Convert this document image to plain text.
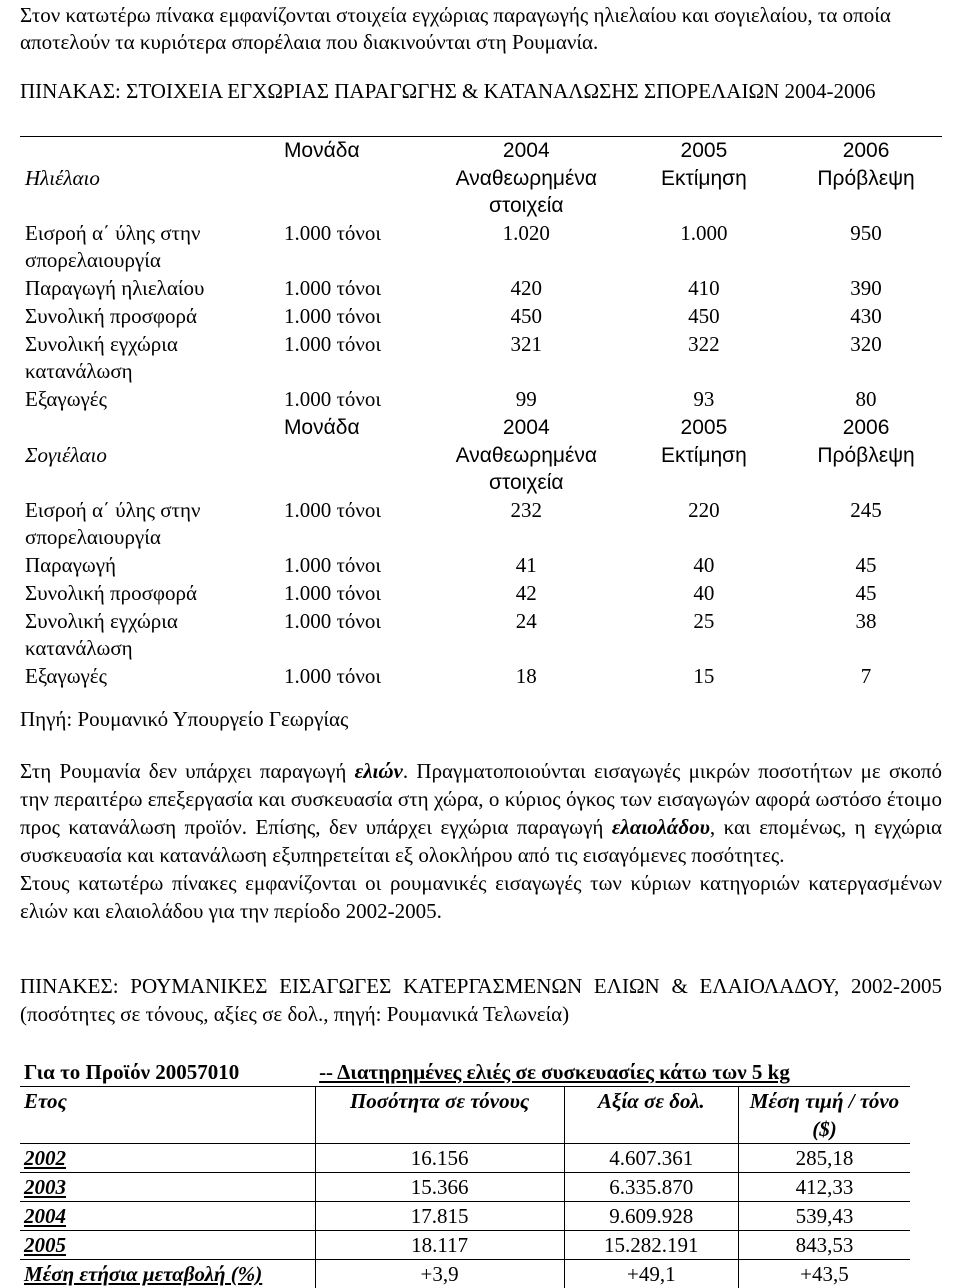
Στον κατωτέρω πίνακα εμφανίζονται στοιχεία εγχώριας παραγωγής ηλιελαίου και σογιελαίου, τα οποία αποτελούν τα κυριότερα σπορέλαια που διακινούνται στη Ρουμανία.

ΠΙΝΑΚΑΣ: ΣΤΟΙΧΕΙΑ ΕΓΧΩΡΙΑΣ ΠΑΡΑΓΩΓΗΣ & ΚΑΤΑΝΑΛΩΣΗΣ ΣΠΟΡΕΛΑΙΩΝ 2004-2006

	Μονάδα	2004	2005	2006
Ηλιέλαιο		Αναθεωρημένα στοιχεία	Εκτίμηση	Πρόβλεψη
Εισροή α΄ ύλης στην σπορελαιουργία	1.000 τόνοι	1.020	1.000	950
Παραγωγή ηλιελαίου	1.000 τόνοι	420	410	390
Συνολική προσφορά	1.000 τόνοι	450	450	430
Συνολική εγχώρια κατανάλωση	1.000 τόνοι	321	322	320
Εξαγωγές	1.000 τόνοι	99	93	80
	Μονάδα	2004	2005	2006
Σογιέλαιο		Αναθεωρημένα στοιχεία	Εκτίμηση	Πρόβλεψη
Εισροή α΄ ύλης στην σπορελαιουργία	1.000 τόνοι	232	220	245
Παραγωγή	1.000 τόνοι	41	40	45
Συνολική προσφορά	1.000 τόνοι	42	40	45
Συνολική εγχώρια κατανάλωση	1.000 τόνοι	24	25	38
Εξαγωγές	1.000 τόνοι	18	15	7

Πηγή: Ρουμανικό Υπουργείο Γεωργίας

Στη Ρουμανία δεν υπάρχει παραγωγή ελιών. Πραγματοποιούνται εισαγωγές μικρών ποσοτήτων με σκοπό την περαιτέρω επεξεργασία και συσκευασία στη χώρα, ο κύριος όγκος των εισαγωγών αφορά ωστόσο έτοιμο προς κατανάλωση προϊόν. Επίσης, δεν υπάρχει εγχώρια παραγωγή ελαιολάδου, και επομένως, η εγχώρια συσκευασία και κατανάλωση εξυπηρετείται εξ ολοκλήρου από τις εισαγόμενες ποσότητες.

Στους κατωτέρω πίνακες εμφανίζονται οι ρουμανικές εισαγωγές των κύριων κατηγοριών κατεργασμένων ελιών και ελαιολάδου για την περίοδο 2002-2005.

ΠΙΝΑΚΕΣ: ΡΟΥΜΑΝΙΚΕΣ ΕΙΣΑΓΩΓΕΣ ΚΑΤΕΡΓΑΣΜΕΝΩΝ ΕΛΙΩΝ & ΕΛΑΙΟΛΑΔΟΥ, 2002-2005 (ποσότητες σε τόνους, αξίες σε δολ., πηγή: Ρουμανικά Τελωνεία)

Για το Προϊόν 20057010	-- Διατηρημένες ελιές σε συσκευασίες κάτω των 5 kg		
Ετος	Ποσότητα σε τόνους	Αξία σε δολ.	Μέση τιμή / τόνο ($)
2002	16.156	4.607.361	285,18
2003	15.366	6.335.870	412,33
2004	17.815	9.609.928	539,43
2005	18.117	15.282.191	843,53
Μέση ετήσια μεταβολή (%)	+3,9	+49,1	+43,5
